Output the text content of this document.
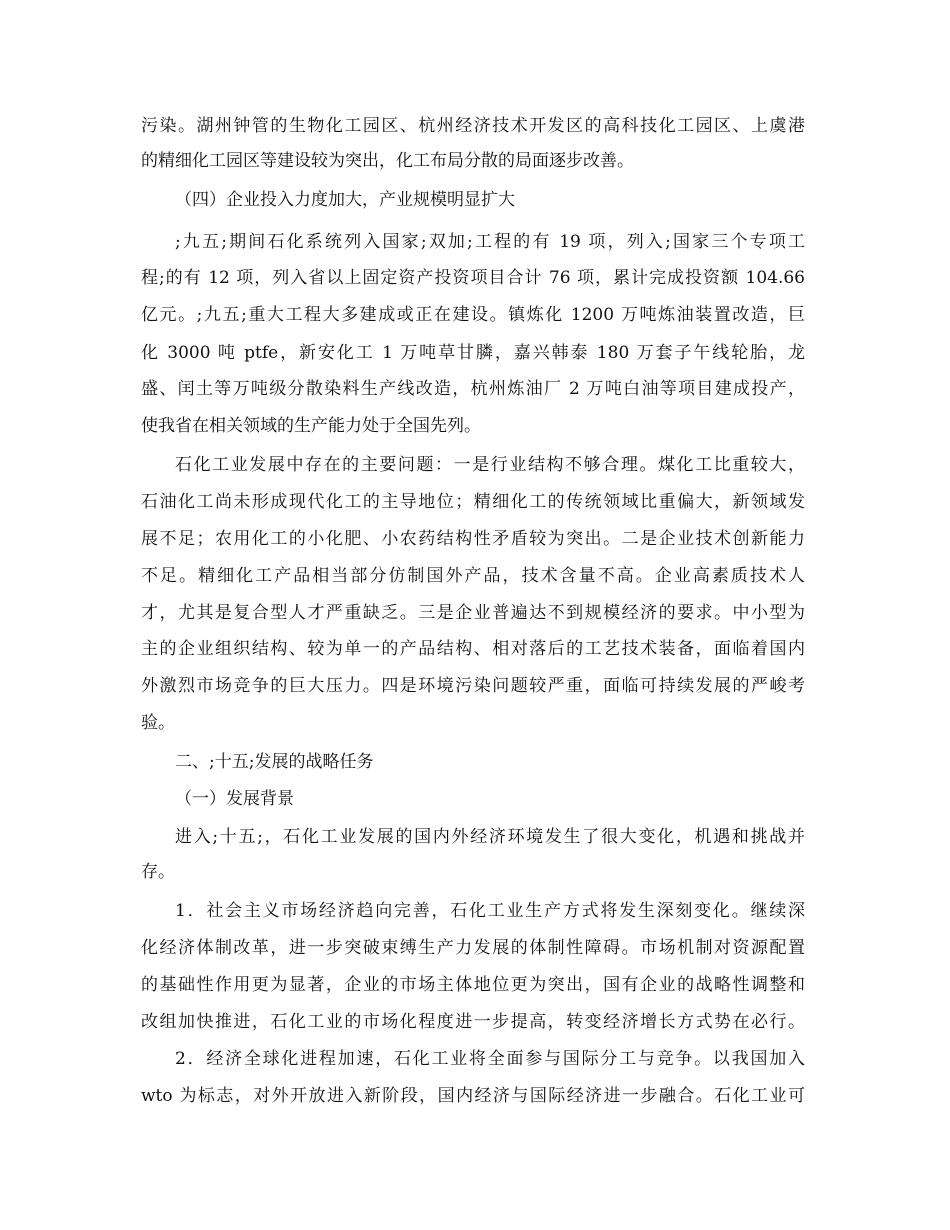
污染。湖州钟管的生物化工园区、杭州经济技术开发区的高科技化工园区、上虞港
的精细化工园区等建设较为突出，化工布局分散的局面逐步改善。
（四）企业投入力度加大，产业规模明显扩大
;九五;期间石化系统列入国家;双加;工程的有 19 项，列入;国家三个专项工
程;的有 12 项，列入省以上固定资产投资项目合计 76 项，累计完成投资额 104.66
亿元。;九五;重大工程大多建成或正在建设。镇炼化 1200 万吨炼油装置改造，巨
化 3000 吨 ptfe，新安化工 1 万吨草甘膦，嘉兴韩泰 180 万套子午线轮胎，龙
盛、闰土等万吨级分散染料生产线改造，杭州炼油厂 2 万吨白油等项目建成投产，
使我省在相关领域的生产能力处于全国先列。
石化工业发展中存在的主要问题：一是行业结构不够合理。煤化工比重较大，
石油化工尚未形成现代化工的主导地位；精细化工的传统领域比重偏大，新领域发
展不足；农用化工的小化肥、小农药结构性矛盾较为突出。二是企业技术创新能力
不足。精细化工产品相当部分仿制国外产品，技术含量不高。企业高素质技术人
才，尤其是复合型人才严重缺乏。三是企业普遍达不到规模经济的要求。中小型为
主的企业组织结构、较为单一的产品结构、相对落后的工艺技术装备，面临着国内
外激烈市场竞争的巨大压力。四是环境污染问题较严重，面临可持续发展的严峻考
验。
二、;十五;发展的战略任务
（一）发展背景
进入;十五;，石化工业发展的国内外经济环境发生了很大变化，机遇和挑战并
存。
1．社会主义市场经济趋向完善，石化工业生产方式将发生深刻变化。继续深
化经济体制改革，进一步突破束缚生产力发展的体制性障碍。市场机制对资源配置
的基础性作用更为显著，企业的市场主体地位更为突出，国有企业的战略性调整和
改组加快推进，石化工业的市场化程度进一步提高，转变经济增长方式势在必行。
2．经济全球化进程加速，石化工业将全面参与国际分工与竞争。以我国加入
wto 为标志，对外开放进入新阶段，国内经济与国际经济进一步融合。石化工业可
